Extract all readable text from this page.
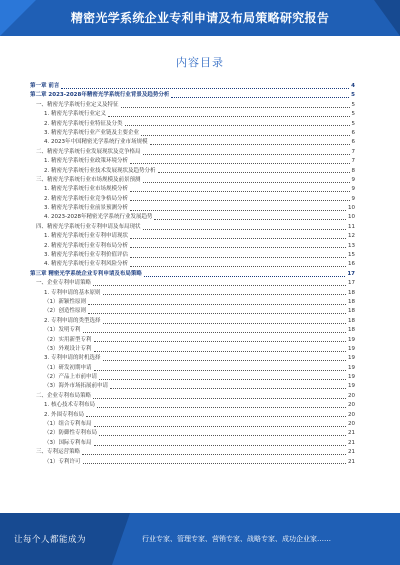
精密光学系统企业专利申请及布局策略研究报告
内容目录
第一章 前言	4
第二章 2023-2028年精密光学系统行业背景及趋势分析	5
一、精密光学系统行业定义及特征	5
1. 精密光学系统行业定义	5
2. 精密光学系统行业特征及分类	5
3. 精密光学系统行业产业链及主要企业	6
4. 2023年中国精密光学系统行业市场规模	6
二、精密光学系统行业发展现状及竞争格局	7
1. 精密光学系统行业政策环境分析	7
2. 精密光学系统行业技术发展现状及趋势分析	8
三、精密光学系统行业市场规模及前景预测	9
1. 精密光学系统行业市场规模分析	9
2. 精密光学系统行业竞争格局分析	9
3. 精密光学系统行业前景预测分析	10
4. 2023-2028年精密光学系统行业发展趋势	10
四、精密光学系统行业专利申请及布局现状	11
1. 精密光学系统行业专利申请现状	12
2. 精密光学系统行业专利布局分析	13
3. 精密光学系统行业专利价值评估	15
4. 精密光学系统行业专利风险分析	16
第三章 精密光学系统企业专利申请及布局策略	17
一、企业专利申请策略	17
1. 专利申请的基本原则	18
（1）新颖性原则	18
（2）创造性原则	18
2. 专利申请的类型选择	18
（1）发明专利	18
（2）实用新型专利	19
（3）外观设计专利	19
3. 专利申请的时机选择	19
（1）研发初期申请	19
（2）产品上市前申请	19
（3）海外市场拓展前申请	19
二、企业专利布局策略	20
1. 核心技术专利布局	20
2. 外围专利布局	20
（1）组合专利布局	20
（2）防御性专利布局	21
（3）国际专利布局	21
三、专利运营策略	21
（1）专利许可	21
让每个人都能成为	行业专家、管理专家、营销专家、战略专家、成功企业家……
